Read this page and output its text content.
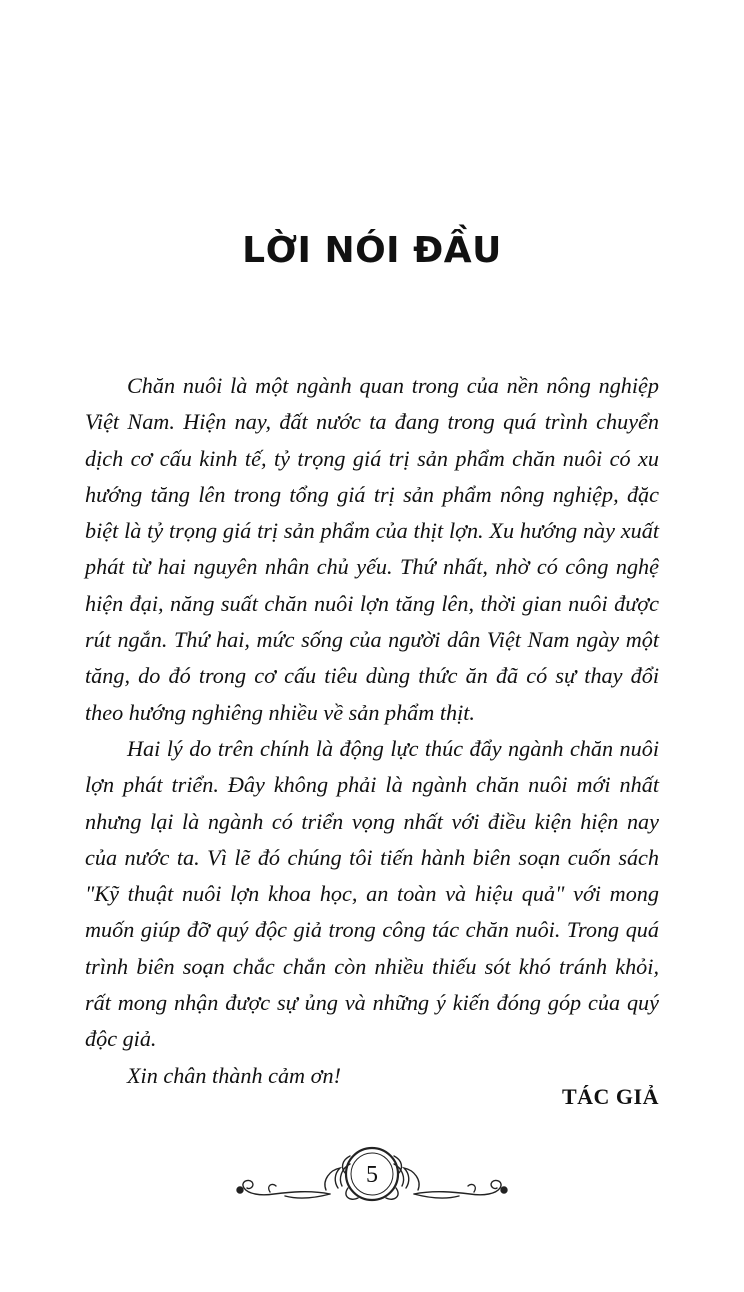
LỜI NÓI ĐẦU

Chăn nuôi là một ngành quan trong của nền nông nghiệp Việt Nam. Hiện nay, đất nước ta đang trong quá trình chuyển dịch cơ cấu kinh tế, tỷ trọng giá trị sản phẩm chăn nuôi có xu hướng tăng lên trong tổng giá trị sản phẩm nông nghiệp, đặc biệt là tỷ trọng giá trị sản phẩm của thịt lợn. Xu hướng này xuất phát từ hai nguyên nhân chủ yếu. Thứ nhất, nhờ có công nghệ hiện đại, năng suất chăn nuôi lợn tăng lên, thời gian nuôi được rút ngắn. Thứ hai, mức sống của người dân Việt Nam ngày một tăng, do đó trong cơ cấu tiêu dùng thức ăn đã có sự thay đổi theo hướng nghiêng nhiều về sản phẩm thịt.

Hai lý do trên chính là động lực thúc đẩy ngành chăn nuôi lợn phát triển. Đây không phải là ngành chăn nuôi mới nhất nhưng lại là ngành có triển vọng nhất với điều kiện hiện nay của nước ta. Vì lẽ đó chúng tôi tiến hành biên soạn cuốn sách "Kỹ thuật nuôi lợn khoa học, an toàn và hiệu quả" với mong muốn giúp đỡ quý độc giả trong công tác chăn nuôi. Trong quá trình biên soạn chắc chắn còn nhiều thiếu sót khó tránh khỏi, rất mong nhận được sự ủng và những ý kiến đóng góp của quý độc giả.

Xin chân thành cảm ơn!

TÁC GIẢ
5
